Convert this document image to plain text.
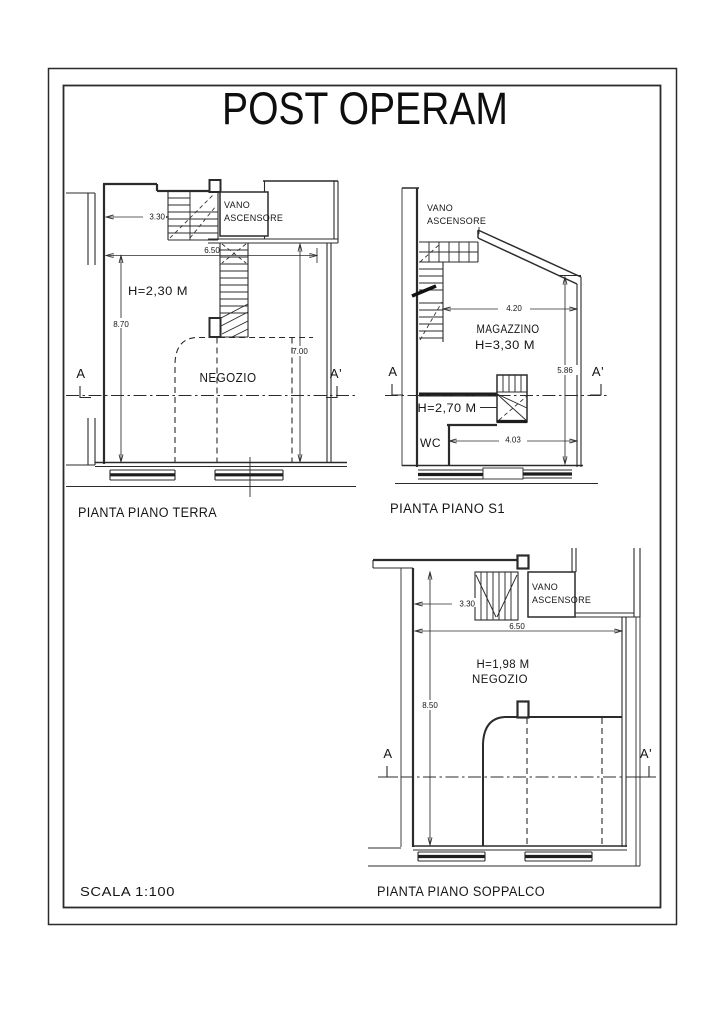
POST OPERAM
VANO
ASCENSORE
3.30
6.50
8.70
7.00
A	A'
H=2,30 M
NEGOZIO
PIANTA PIANO TERRA
VANO
ASCENSORE
4.20
5.86
4.03
A	A'
MAGAZZINO
H=3,30 M
H=2,70 M
WC
PIANTA PIANO S1
VANO
ASCENSORE
3.30
6.50
8.50
A	A'
H=1,98 M
NEGOZIO
PIANTA PIANO SOPPALCO
SCALA 1:100
